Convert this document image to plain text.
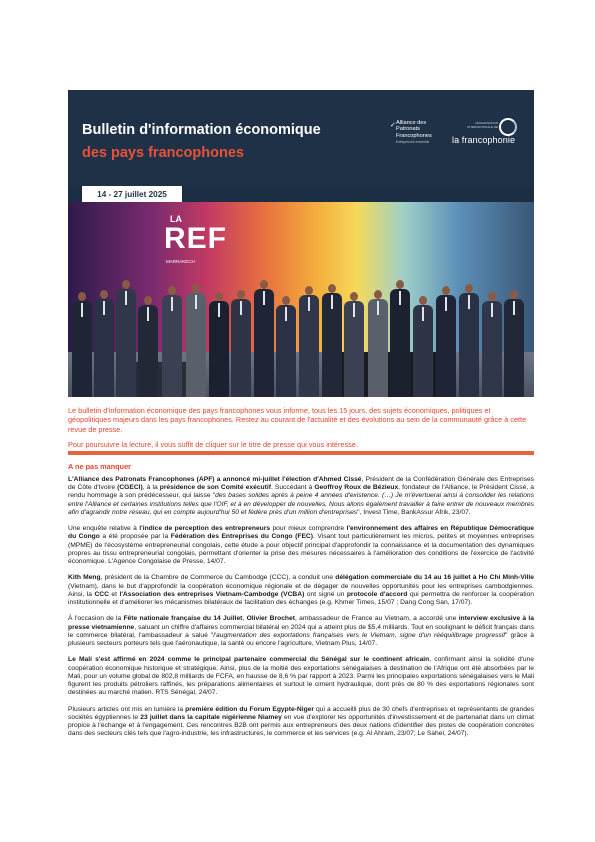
Bulletin d'information économique
des pays francophones
✓ Alliance des Patronats Francophones
Entreprendre ensemble
ORGANISATION INTERNATIONALE DE
la francophonie
14 - 27 juillet 2025
LA
REF
MARRAKECH

Le bulletin d'information économique des pays francophones vous informe, tous les 15 jours, des sujets économiques, politiques et géopolitiques majeurs dans les pays francophones. Restez au courant de l'actualité et des évolutions au sein de la communauté grâce à cette revue de presse.

Pour poursuivre la lecture, il vous suffit de cliquer sur le titre de presse qui vous intéresse.

A ne pas manquer

L'Alliance des Patronats Francophones (APF) a annoncé mi-juillet l'élection d'Ahmed Cissé, Président de la Confédération Générale des Entreprises de Côte d'Ivoire (CGECI), à la présidence de son Comité exécutif. Succédant à Geoffroy Roux de Bézieux, fondateur de l'Alliance, le Président Cissé, a rendu hommage à son prédécesseur, qui laisse "des bases solides après à peine 4 années d'existence. (…) Je m'évertuerai ainsi à consolider les relations entre l'Alliance et certaines institutions telles que l'OIF, et à en développer de nouvelles. Nous allons également travailler à faire entrer de nouveaux membres afin d'agrandir notre réseau, qui en compte aujourd'hui 50 et fédère près d'un million d'entreprises", Invest Time, BankAssur Afrik, 23/07.

Une enquête relative à l'indice de perception des entrepreneurs pour mieux comprendre l'environnement des affaires en République Démocratique du Congo a été proposée par la Fédération des Entreprises du Congo (FEC). Visant tout particulièrement les micros, petites et moyennes entreprises (MPME) de l'écosystème entrepreneurial congolais, cette étude a pour objectif principal d'approfondir la connaissance et la documentation des dynamiques propres au tissu entrepreneurial congolais, permettant d'orienter la prise des mesures nécessaires à l'amélioration des conditions de l'exercice de l'activité économique. L'Agence Congolaise de Presse, 14/07.

Kith Meng, président de la Chambre de Commerce du Cambodge (CCC), a conduit une délégation commerciale du 14 au 16 juillet à Ho Chi Minh-Ville (Vietnam), dans le but d'approfondir la coopération économique régionale et de dégager de nouvelles opportunités pour les entreprises cambodgiennes. Ainsi, la CCC et l'Association des entreprises Vietnam-Cambodge (VCBA) ont signé un protocole d'accord qui permettra de renforcer la coopération institutionnelle et d'améliorer les mécanismes bilatéraux de facilitation des échanges (e.g. Khmer Times, 15/07 ; Dang Cong San, 17/07).

À l'occasion de la Fête nationale française du 14 Juillet, Olivier Brochet, ambassadeur de France au Vietnam, a accordé une interview exclusive à la presse vietnamienne, saluant un chiffre d'affaires commercial bilatéral en 2024 qui a atteint plus de $5,4 milliards. Tout en soulignant le déficit français dans le commerce bilatéral, l'ambassadeur a salué "l'augmentation des exportations françaises vers le Vietnam, signe d'un rééquilibrage progressif" grâce à plusieurs secteurs porteurs tels que l'aéronautique, la santé ou encore l'agriculture, Vietnam Plus, 14/07.

Le Mali s'est affirmé en 2024 comme le principal partenaire commercial du Sénégal sur le continent africain, confirmant ainsi la solidité d'une coopération économique historique et stratégique. Ainsi, plus de la moitié des exportations sénégalaises à destination de l'Afrique ont été absorbées par le Mali, pour un volume global de 802,8 milliards de FCFA, en hausse de 8,6 % par rapport à 2023. Parmi les principales exportations sénégalaises vers le Mali figurent les produits pétroliers raffinés, les préparations alimentaires et surtout le ciment hydraulique, dont près de 80 % des exportations régionales sont destinées au marché malien. RTS Sénégal, 24/07.

Plusieurs articles ont mis en lumière la première édition du Forum Egypte-Niger qui a accueilli plus de 30 chefs d'entreprises et représentants de grandes sociétés égyptiennes le 23 juillet dans la capitale nigérienne Niamey en vue d'explorer les opportunités d'investissement et de partenariat dans un climat propice à l'échange et à l'engagement. Ces rencontres B2B ont permis aux entrepreneurs des deux nations d'identifier des pistes de coopération concrètes dans des secteurs clés tels que l'agro-industrie, les infrastructures, le commerce et les services (e.g. Al Ahram, 23/07; Le Sahel, 24/07).
